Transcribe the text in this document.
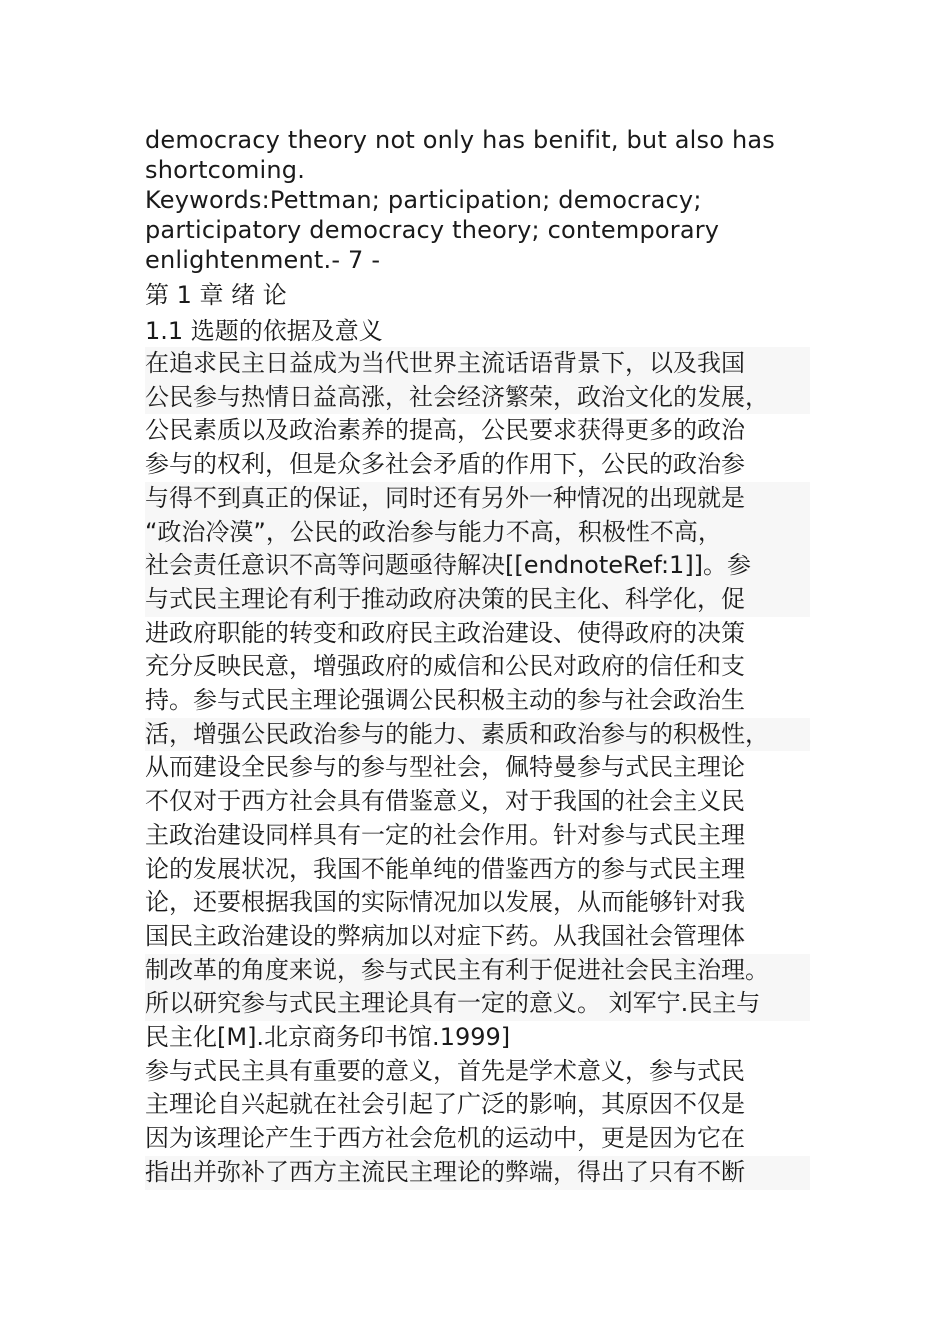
democracy theory not only has benifit, but also has shortcoming.

Keywords:Pettman; participation; democracy; participatory democracy theory; contemporary enlightenment.- 7 -

第 1 章 绪 论

1.1 选题的依据及意义

在追求民主日益成为当代世界主流话语背景下，以及我国
公民参与热情日益高涨，社会经济繁荣，政治文化的发展，
公民素质以及政治素养的提高，公民要求获得更多的政治
参与的权利，但是众多社会矛盾的作用下，公民的政治参
与得不到真正的保证，同时还有另外一种情况的出现就是
“政治冷漠”，公民的政治参与能力不高，积极性不高，
社会责任意识不高等问题亟待解决[[endnoteRef:1]]。参
与式民主理论有利于推动政府决策的民主化、科学化，促
进政府职能的转变和政府民主政治建设、使得政府的决策
充分反映民意，增强政府的威信和公民对政府的信任和支
持。参与式民主理论强调公民积极主动的参与社会政治生
活，增强公民政治参与的能力、素质和政治参与的积极性，
从而建设全民参与的参与型社会，佩特曼参与式民主理论
不仅对于西方社会具有借鉴意义，对于我国的社会主义民
主政治建设同样具有一定的社会作用。针对参与式民主理
论的发展状况，我国不能单纯的借鉴西方的参与式民主理
论，还要根据我国的实际情况加以发展，从而能够针对我
国民主政治建设的弊病加以对症下药。从我国社会管理体
制改革的角度来说，参与式民主有利于促进社会民主治理。
所以研究参与式民主理论具有一定的意义。 刘军宁.民主与
民主化[M].北京商务印书馆.1999]

参与式民主具有重要的意义，首先是学术意义，参与式民
主理论自兴起就在社会引起了广泛的影响，其原因不仅是
因为该理论产生于西方社会危机的运动中，更是因为它在
指出并弥补了西方主流民主理论的弊端，得出了只有不断
